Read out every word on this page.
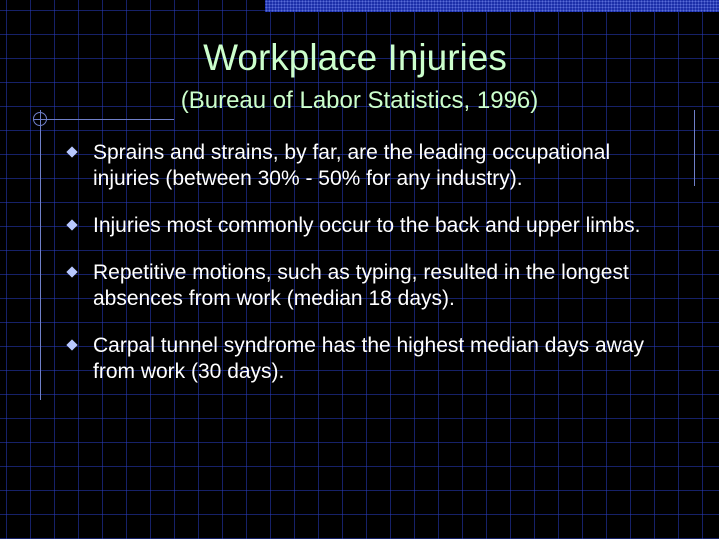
Workplace Injuries
(Bureau of Labor Statistics, 1996)
Sprains and strains, by far, are the leading occupational injuries (between 30% - 50% for any industry).
Injuries most commonly occur to the back and upper limbs.
Repetitive motions, such as typing, resulted in the longest absences from work (median 18 days).
Carpal tunnel syndrome has the highest median days away from work (30 days).
